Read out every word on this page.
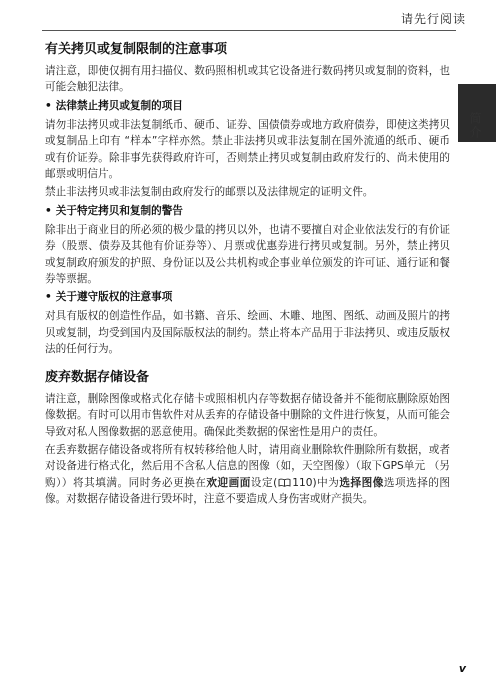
请先行阅读
简介
有关拷贝或复制限制的注意事项

请注意，即使仅拥有用扫描仪、数码照相机或其它设备进行数码拷贝或复制的资料，也可能会触犯法律。

• 法律禁止拷贝或复制的项目

请勿非法拷贝或非法复制纸币、硬币、证券、国债债券或地方政府债券，即使这类拷贝或复制品上印有 “样本”字样亦然。禁止非法拷贝或非法复制在国外流通的纸币、硬币或有价证券。除非事先获得政府许可，否则禁止拷贝或复制由政府发行的、尚未使用的邮票或明信片。

禁止非法拷贝或非法复制由政府发行的邮票以及法律规定的证明文件。

• 关于特定拷贝和复制的警告

除非出于商业目的所必须的极少量的拷贝以外，也请不要擅自对企业依法发行的有价证券（股票、债券及其他有价证券等）、月票或优惠券进行拷贝或复制。另外，禁止拷贝或复制政府颁发的护照、身份证以及公共机构或企事业单位颁发的许可证、通行证和餐券等票据。

• 关于遵守版权的注意事项

对具有版权的创造性作品，如书籍、音乐、绘画、木雕、地图、图纸、动画及照片的拷贝或复制，均受到国内及国际版权法的制约。禁止将本产品用于非法拷贝、或违反版权法的任何行为。

废弃数据存储设备

请注意，删除图像或格式化存储卡或照相机内存等数据存储设备并不能彻底删除原始图像数据。有时可以用市售软件对从丢弃的存储设备中删除的文件进行恢复，从而可能会导致对私人图像数据的恶意使用。确保此类数据的保密性是用户的责任。

在丢弃数据存储设备或将所有权转移给他人时，请用商业删除软件删除所有数据，或者对设备进行格式化，然后用不含私人信息的图像（如，天空图像）（取下GPS单元 （另购））将其填满。同时务必更换在欢迎画面设定( 110)中为选择图像选项选择的图像。对数据存储设备进行毁坏时，注意不要造成人身伤害或财产损失。

v
